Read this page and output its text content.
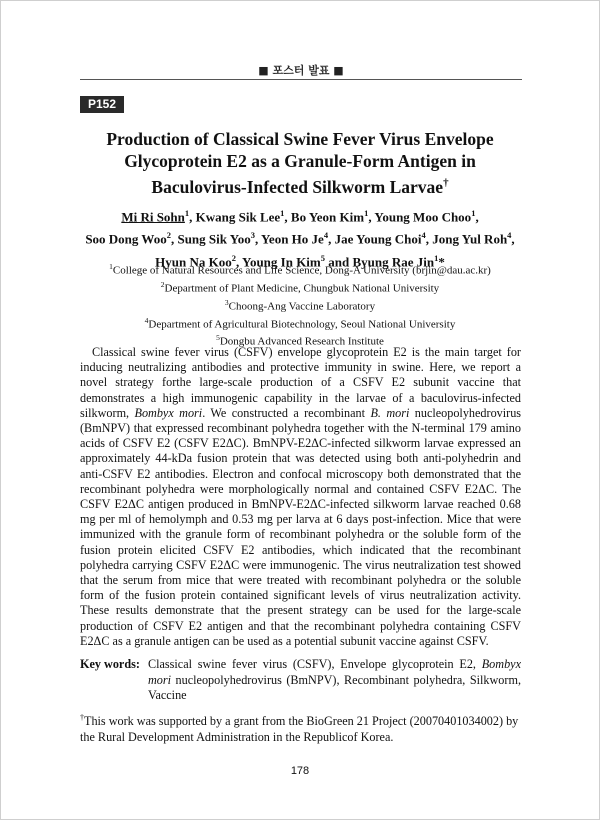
■ 포스터 발표 ■
P152
Production of Classical Swine Fever Virus Envelope
Glycoprotein E2 as a Granule-Form Antigen in
Baculovirus-Infected Silkworm Larvae†
Mi Ri Sohn$^1$, Kwang Sik Lee$^1$, Bo Yeon Kim$^1$, Young Moo Choo$^1$,
Soo Dong Woo$^2$, Sung Sik Yoo$^3$, Yeon Ho Je$^4$, Jae Young Choi$^4$, Jong Yul Roh$^4$,
Hyun Na Koo$^2$, Young In Kim$^5$ and Byung Rae Jin$^1$*
$^1$College of Natural Resources and Life Science, Dong-A University (brjin@dau.ac.kr)
$^2$Department of Plant Medicine, Chungbuk National University
$^3$Choong-Ang Vaccine Laboratory
$^4$Department of Agricultural Biotechnology, Seoul National University
$^5$Dongbu Advanced Research Institute
Classical swine fever virus (CSFV) envelope glycoprotein E2 is the main target for inducing neutralizing antibodies and protective immunity in swine. Here, we report a novel strategy forthe large-scale production of a CSFV E2 subunit vaccine that demonstrates a high immunogenic capability in the larvae of a baculovirus-infected silkworm, Bombyx mori. We constructed a recombinant B. mori nucleopolyhedrovirus (BmNPV) that expressed recombinant polyhedra together with the N-terminal 179 amino acids of CSFV E2 (CSFV E2ΔC). BmNPV-E2ΔC-infected silkworm larvae expressed an approximately 44-kDa fusion protein that was detected using both anti-polyhedrin and anti-CSFV E2 antibodies. Electron and confocal microscopy both demonstrated that the recombinant polyhedra were morphologically normal and contained CSFV E2ΔC. The CSFV E2ΔC antigen produced in BmNPV-E2ΔC-infected silkworm larvae reached 0.68 mg per ml of hemolymph and 0.53 mg per larva at 6 days post-infection. Mice that were immunized with the granule form of recombinant polyhedra or the soluble form of the fusion protein elicited CSFV E2 antibodies, which indicated that the recombinant polyhedra carrying CSFV E2ΔC were immunogenic. The virus neutralization test showed that the serum from mice that were treated with recombinant polyhedra or the soluble form of the fusion protein contained significant levels of virus neutralization activity. These results demonstrate that the present strategy can be used for the large-scale production of CSFV E2 antigen and that the recombinant polyhedra containing CSFV E2ΔC as a granule antigen can be used as a potential subunit vaccine against CSFV.
Key words: Classical swine fever virus (CSFV), Envelope glycoprotein E2, Bombyx mori nucleopolyhedrovirus (BmNPV), Recombinant polyhedra, Silkworm, Vaccine
†This work was supported by a grant from the BioGreen 21 Project (20070401034002) by the Rural Development Administration in the Republicof Korea.
178
